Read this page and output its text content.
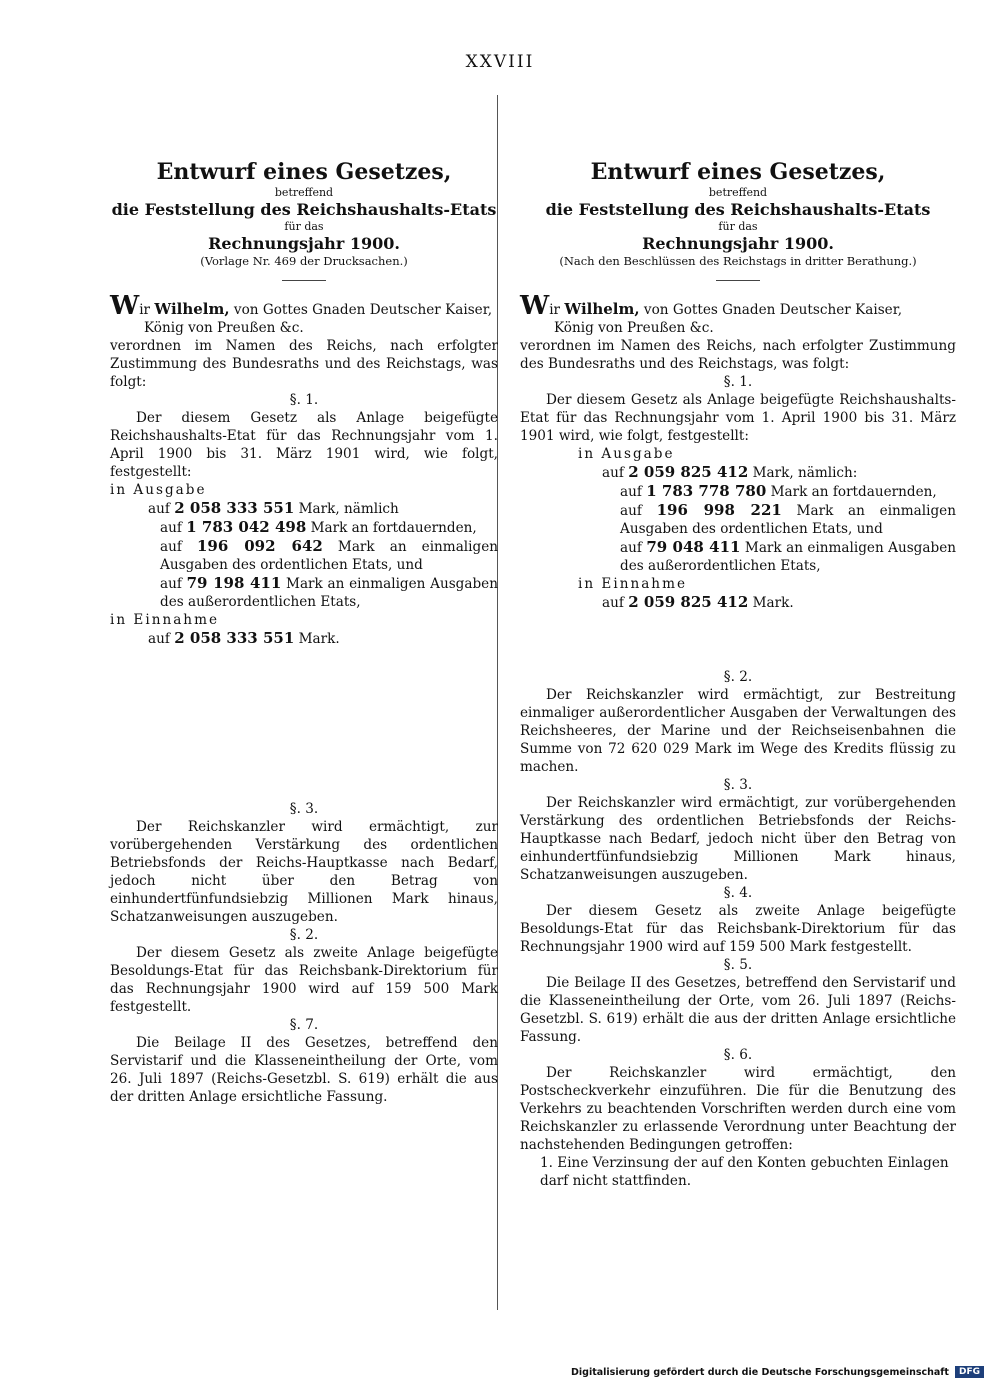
XXVIII

Entwurf eines Gesetzes,

betreffend

die Feststellung des Reichshaushalts-Etats

für das

Rechnungsjahr 1900.

(Vorlage Nr. 469 der Drucksachen.)

Wir Wilhelm, von Gottes Gnaden Deutscher Kaiser,

König von Preußen &c.

verordnen im Namen des Reichs, nach erfolgter Zustimmung des Bundesraths und des Reichstags, was folgt:

§. 1.

Der diesem Gesetz als Anlage beigefügte Reichshaushalts-Etat für das Rechnungsjahr vom 1. April 1900 bis 31. März 1901 wird, wie folgt, festgestellt:

in Ausgabe

auf 2 058 333 551 Mark, nämlich

auf 1 783 042 498 Mark an fortdauernden,

auf 196 092 642 Mark an einmaligen Ausgaben des ordentlichen Etats, und

auf 79 198 411 Mark an einmaligen Ausgaben des außerordentlichen Etats,

in Einnahme

auf 2 058 333 551 Mark.

§. 3.

Der Reichskanzler wird ermächtigt, zur vorübergehenden Verstärkung des ordentlichen Betriebsfonds der Reichs-Hauptkasse nach Bedarf, jedoch nicht über den Betrag von einhundertfünfundsiebzig Millionen Mark hinaus, Schatzanweisungen auszugeben.

§. 2.

Der diesem Gesetz als zweite Anlage beigefügte Besoldungs-Etat für das Reichsbank-Direktorium für das Rechnungsjahr 1900 wird auf 159 500 Mark festgestellt.

§. 7.

Die Beilage II des Gesetzes, betreffend den Servistarif und die Klasseneintheilung der Orte, vom 26. Juli 1897 (Reichs-Gesetzbl. S. 619) erhält die aus der dritten Anlage ersichtliche Fassung.

Entwurf eines Gesetzes,

betreffend

die Feststellung des Reichshaushalts-Etats

für das

Rechnungsjahr 1900.

(Nach den Beschlüssen des Reichstags in dritter Berathung.)

Wir Wilhelm, von Gottes Gnaden Deutscher Kaiser,

König von Preußen &c.

verordnen im Namen des Reichs, nach erfolgter Zustimmung des Bundesraths und des Reichstags, was folgt:

§. 1.

Der diesem Gesetz als Anlage beigefügte Reichshaushalts-Etat für das Rechnungsjahr vom 1. April 1900 bis 31. März 1901 wird, wie folgt, festgestellt:

in Ausgabe

auf 2 059 825 412 Mark, nämlich:

auf 1 783 778 780 Mark an fortdauernden,

auf 196 998 221 Mark an einmaligen Ausgaben des ordentlichen Etats, und

auf 79 048 411 Mark an einmaligen Ausgaben des außerordentlichen Etats,

in Einnahme

auf 2 059 825 412 Mark.

§. 2.

Der Reichskanzler wird ermächtigt, zur Bestreitung einmaliger außerordentlicher Ausgaben der Verwaltungen des Reichsheeres, der Marine und der Reichseisenbahnen die Summe von 72 620 029 Mark im Wege des Kredits flüssig zu machen.

§. 3.

Der Reichskanzler wird ermächtigt, zur vorübergehenden Verstärkung des ordentlichen Betriebsfonds der Reichs-Hauptkasse nach Bedarf, jedoch nicht über den Betrag von einhundertfünfundsiebzig Millionen Mark hinaus, Schatzanweisungen auszugeben.

§. 4.

Der diesem Gesetz als zweite Anlage beigefügte Besoldungs-Etat für das Reichsbank-Direktorium für das Rechnungsjahr 1900 wird auf 159 500 Mark festgestellt.

§. 5.

Die Beilage II des Gesetzes, betreffend den Servistarif und die Klasseneintheilung der Orte, vom 26. Juli 1897 (Reichs-Gesetzbl. S. 619) erhält die aus der dritten Anlage ersichtliche Fassung.

§. 6.

Der Reichskanzler wird ermächtigt, den Postscheckverkehr einzuführen. Die für die Benutzung des Verkehrs zu beachtenden Vorschriften werden durch eine vom Reichskanzler zu erlassende Verordnung unter Beachtung der nachstehenden Bedingungen getroffen:

1. Eine Verzinsung der auf den Konten gebuchten Einlagen darf nicht stattfinden.

Digitalisierung gefördert durch die Deutsche Forschungsgemeinschaft	DFG
